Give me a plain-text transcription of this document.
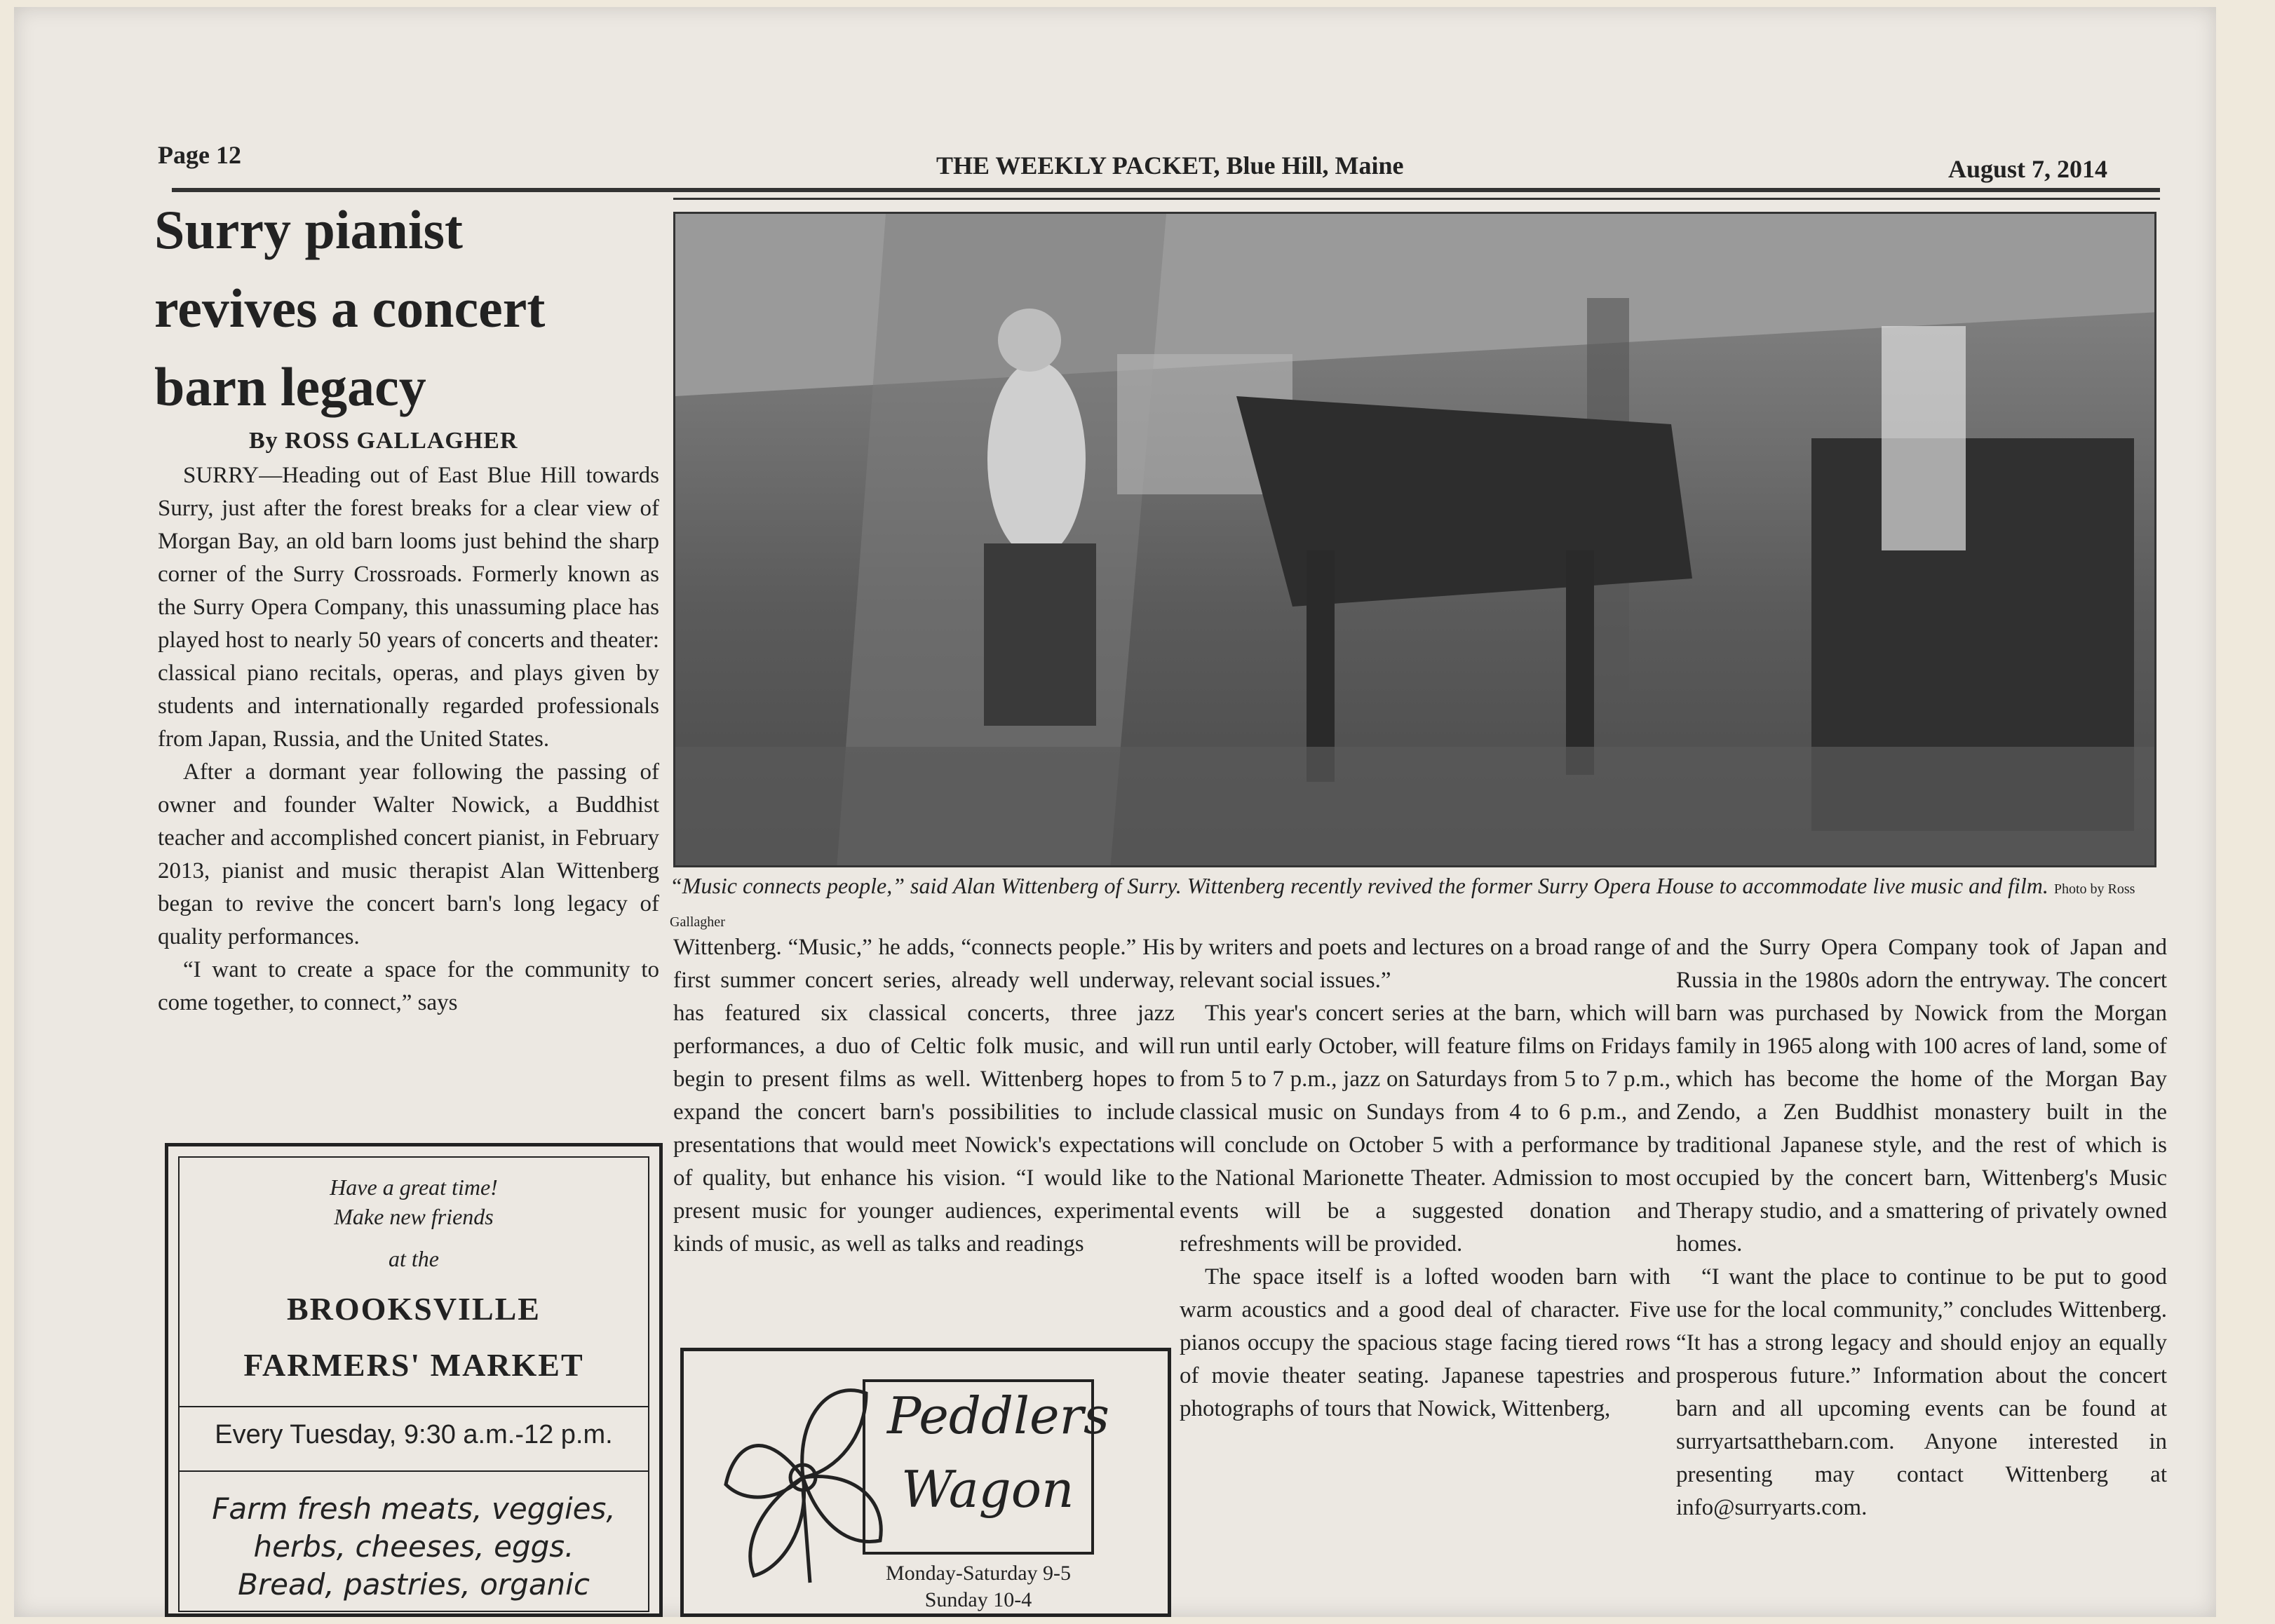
Page 12	THE WEEKLY PACKET, Blue Hill, Maine	August 7, 2014
Surry pianist
revives a concert
barn legacy
By ROSS GALLAGHER

SURRY—Heading out of East Blue Hill towards Surry, just after the forest breaks for a clear view of Morgan Bay, an old barn looms just behind the sharp corner of the Surry Crossroads. Formerly known as the Surry Opera Company, this unassuming place has played host to nearly 50 years of concerts and theater: classical piano recitals, operas, and plays given by students and internationally regarded professionals from Japan, Russia, and the United States.

After a dormant year following the passing of owner and founder Walter Nowick, a Buddhist teacher and accomplished concert pianist, in February 2013, pianist and music therapist Alan Wittenberg began to revive the concert barn's long legacy of quality performances.

“I want to create a space for the community to come together, to connect,” says

“Music connects people,” said Alan Wittenberg of Surry. Wittenberg recently revived the former Surry Opera House to accommodate live music and film. Photo by Ross Gallagher

Wittenberg. “Music,” he adds, “connects people.” His first summer concert series, already well underway, has featured six classical concerts, three jazz performances, a duo of Celtic folk music, and will begin to present films as well. Wittenberg hopes to expand the concert barn's possibilities to include presentations that would meet Nowick's expectations of quality, but enhance his vision. “I would like to present music for younger audiences, experimental kinds of music, as well as talks and readings

by writers and poets and lectures on a broad range of relevant social issues.”

This year's concert series at the barn, which will run until early October, will feature films on Fridays from 5 to 7 p.m., jazz on Saturdays from 5 to 7 p.m., classical music on Sundays from 4 to 6 p.m., and will conclude on October 5 with a performance by the National Marionette Theater. Admission to most events will be a suggested donation and refreshments will be provided.

The space itself is a lofted wooden barn with warm acoustics and a good deal of character. Five pianos occupy the spacious stage facing tiered rows of movie theater seating. Japanese tapestries and photographs of tours that Nowick, Wittenberg,

and the Surry Opera Company took of Japan and Russia in the 1980s adorn the entryway. The concert barn was purchased by Nowick from the Morgan family in 1965 along with 100 acres of land, some of which has become the home of the Morgan Bay Zendo, a Zen Buddhist monastery built in the traditional Japanese style, and the rest of which is occupied by the concert barn, Wittenberg's Music Therapy studio, and a smattering of privately owned homes.

“I want the place to continue to be put to good use for the local community,” concludes Wittenberg. “It has a strong legacy and should enjoy an equally prosperous future.” Information about the concert barn and all upcoming events can be found at surryartsatthebarn.com. Anyone interested in presenting may contact Wittenberg at info@surryarts.com.

Have a great time!
Make new friends
at the
BROOKSVILLE
FARMERS' MARKET
Every Tuesday, 9:30 a.m.-12 p.m.
Farm fresh meats, veggies,
herbs, cheeses, eggs.
Bread, pastries, organic
Peddlers
Wagon
Monday-Saturday 9-5
Sunday 10-4
